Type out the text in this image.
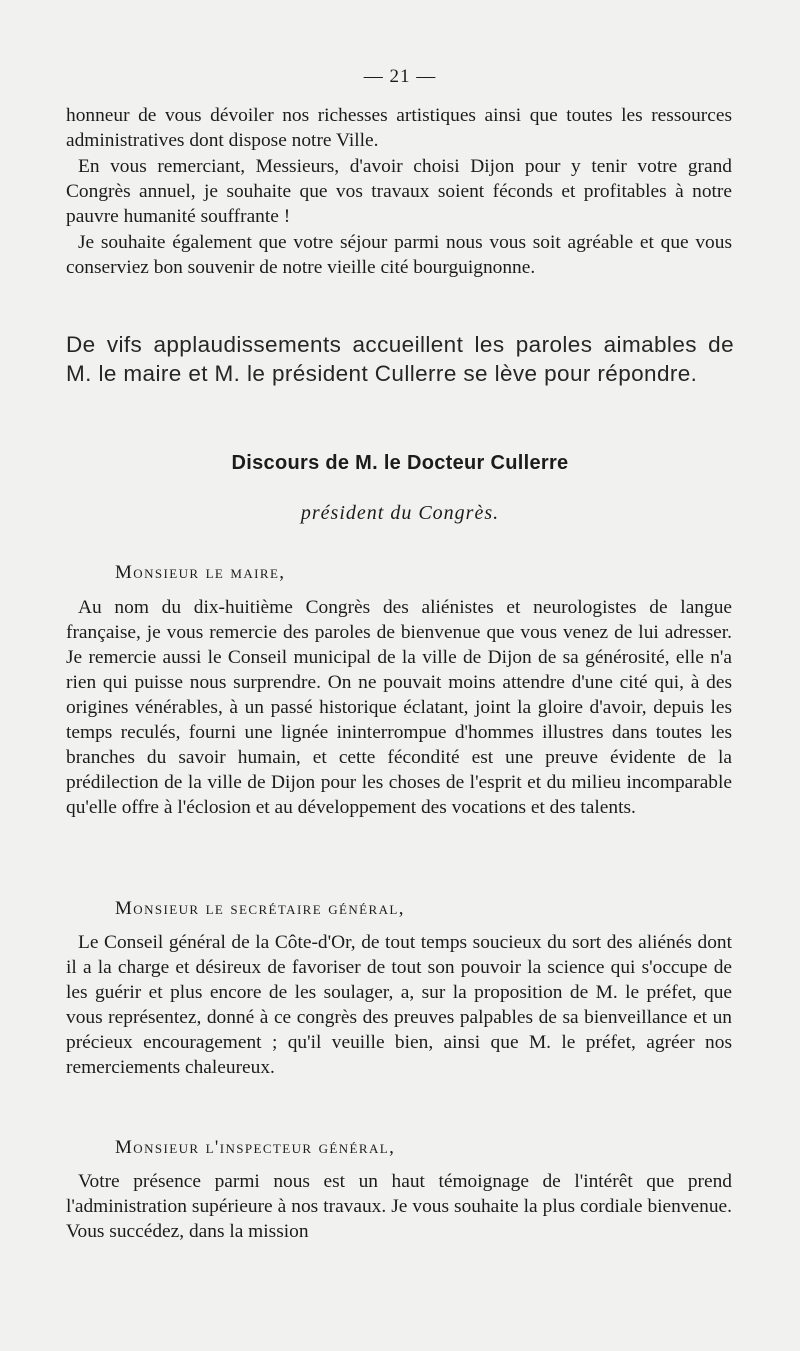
— 21 —

honneur de vous dévoiler nos richesses artistiques ainsi que toutes les ressources administratives dont dispose notre Ville.

En vous remerciant, Messieurs, d'avoir choisi Dijon pour y tenir votre grand Congrès annuel, je souhaite que vos travaux soient féconds et profitables à notre pauvre humanité souffrante !

Je souhaite également que votre séjour parmi nous vous soit agréable et que vous conserviez bon souvenir de notre vieille cité bourguignonne.

De vifs applaudissements accueillent les paroles aimables de M. le maire et M. le président Cullerre se lève pour répondre.

Discours de M. le Docteur Cullerre
président du Congrès.
Monsieur le maire,

Au nom du dix-huitième Congrès des aliénistes et neurologistes de langue française, je vous remercie des paroles de bienvenue que vous venez de lui adresser. Je remercie aussi le Conseil municipal de la ville de Dijon de sa générosité, elle n'a rien qui puisse nous surprendre. On ne pouvait moins attendre d'une cité qui, à des origines vénérables, à un passé historique éclatant, joint la gloire d'avoir, depuis les temps reculés, fourni une lignée ininterrompue d'hommes illustres dans toutes les branches du savoir humain, et cette fécondité est une preuve évidente de la prédilection de la ville de Dijon pour les choses de l'esprit et du milieu incomparable qu'elle offre à l'éclosion et au développement des vocations et des talents.

Monsieur le secrétaire général,

Le Conseil général de la Côte-d'Or, de tout temps soucieux du sort des aliénés dont il a la charge et désireux de favoriser de tout son pouvoir la science qui s'occupe de les guérir et plus encore de les soulager, a, sur la proposition de M. le préfet, que vous représentez, donné à ce congrès des preuves palpables de sa bienveillance et un précieux encouragement ; qu'il veuille bien, ainsi que M. le préfet, agréer nos remerciements chaleureux.

Monsieur l'inspecteur général,

Votre présence parmi nous est un haut témoignage de l'intérêt que prend l'administration supérieure à nos travaux. Je vous souhaite la plus cordiale bienvenue. Vous succédez, dans la mission
